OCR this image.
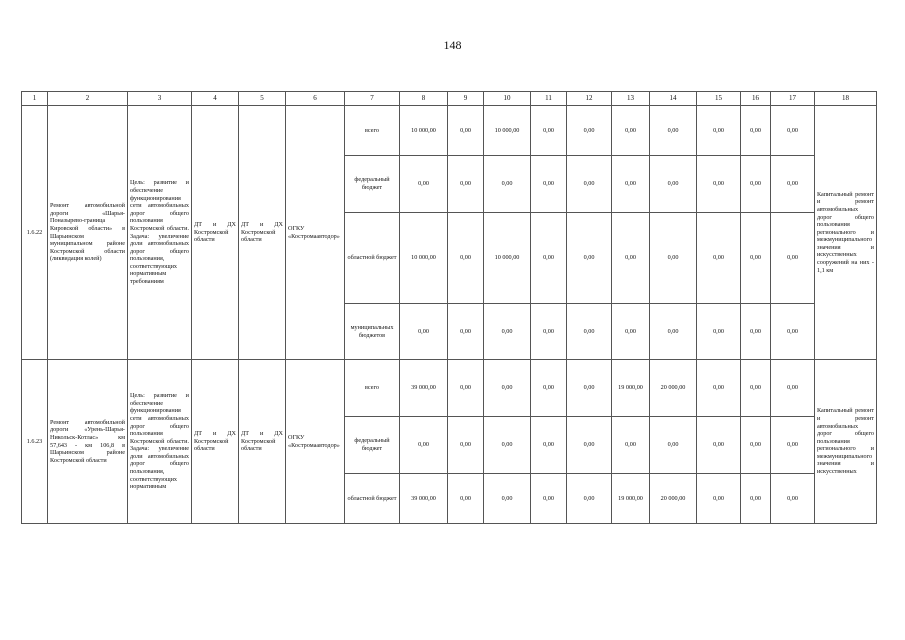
148
1	2	3	4	5	6	7	8	9	10	11	12	13	14	15	16	17	18
1.6.22	Ремонт автомобильной дороги «Шарья-Поназырево-граница Кировской области» в Шарьинском муниципальном районе Костромской области (ликвидация колей)	Цель: развитие и обеспечение функционирования сети автомобильных дорог общего пользования Костромской области. Задача: увеличение доли автомобильных дорог общего пользования, соответствующих нормативным требованиям	ДТ и ДХ Костромской области	ДТ и ДХ Костромской области	ОГКУ «Костромаавтодор»	всего	10 000,00	0,00	10 000,00	0,00	0,00	0,00	0,00	0,00	0,00	0,00	Капитальный ремонт и ремонт автомобильных дорог общего пользования регионального и межмуниципального значения и искусственных сооружений на них - 1,1 км
						федеральный бюджет	0,00	0,00	0,00	0,00	0,00	0,00	0,00	0,00	0,00	0,00	
						областной бюджет	10 000,00	0,00	10 000,00	0,00	0,00	0,00	0,00	0,00	0,00	0,00	
						муниципальных бюджетов	0,00	0,00	0,00	0,00	0,00	0,00	0,00	0,00	0,00	0,00	
1.6.23	Ремонт автомобильной дороги «Урень-Шарья-Никольск-Котлас» км 57,643 - км 106,8 в Шарьинском районе Костромской области	Цель: развитие и обеспечение функционирования сети автомобильных дорог общего пользования Костромской области. Задача: увеличение доли автомобильных дорог общего пользования, соответствующих нормативным	ДТ и ДХ Костромской области	ДТ и ДХ Костромской области	ОГКУ «Костромаавтодор»	всего	39 000,00	0,00	0,00	0,00	0,00	19 000,00	20 000,00	0,00	0,00	0,00	Капитальный ремонт и ремонт автомобильных дорог общего пользования регионального и межмуниципального значения и искусственных
						федеральный бюджет	0,00	0,00	0,00	0,00	0,00	0,00	0,00	0,00	0,00	0,00	
						областной бюджет	39 000,00	0,00	0,00	0,00	0,00	19 000,00	20 000,00	0,00	0,00	0,00	
